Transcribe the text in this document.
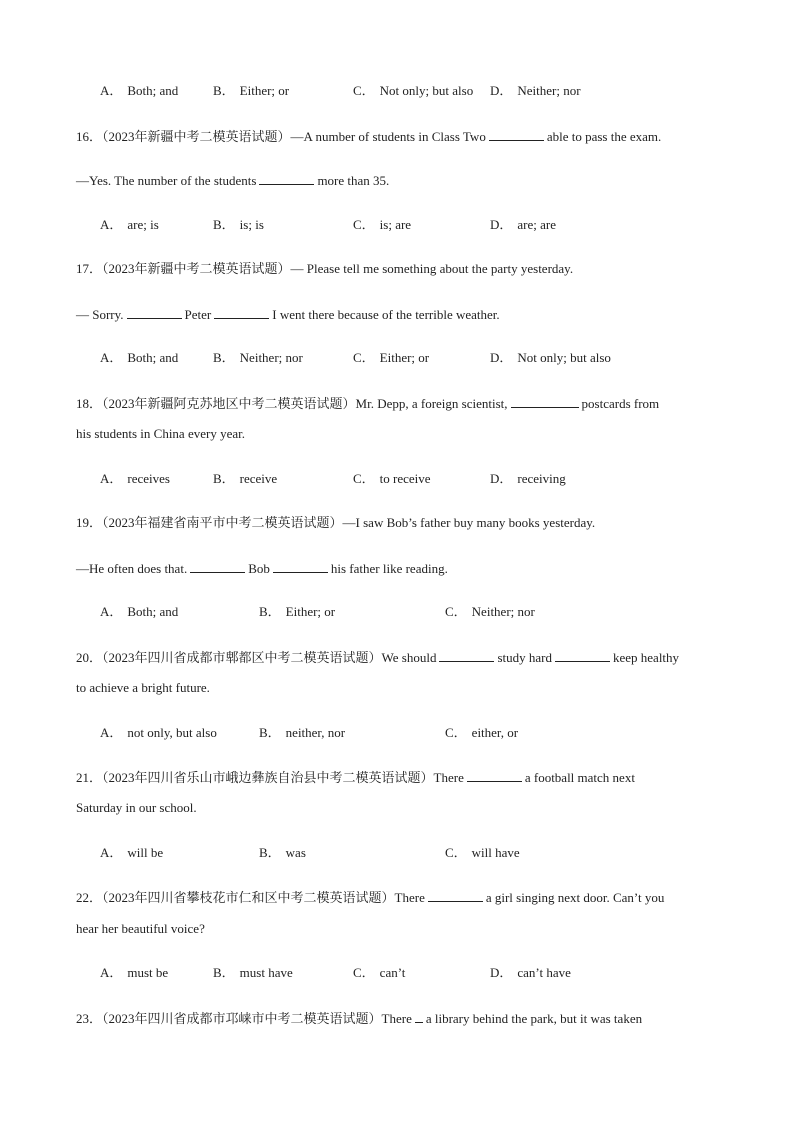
A． Both; and	B． Either; or	C． Not only; but also D． Neither; nor
16．（2023年新疆中考二模英语试题）—A number of students in Class Two	able to pass the exam.
—Yes. The number of the students	more than 35.
A． are; is	B． is; is	C． is; are	D． are; are
17．（2023年新疆中考二模英语试题）— Please tell me something about the party yesterday.
— Sorry.	Peter	I went there because of the terrible weather.
A． Both; and	B． Neither; nor	C． Either; or	D． Not only; but also
18．（2023年新疆阿克苏地区中考二模英语试题）Mr. Depp, a foreign scientist,	postcards from
his students in China every year.
A． receives	B． receive	C． to receive	D． receiving
19．（2023年福建省南平市中考二模英语试题）—I saw Bob’s father buy many books yesterday.
—He often does that.	Bob	his father like reading.
A． Both; and	B． Either; or	C． Neither; nor
20．（2023年四川省成都市郫都区中考二模英语试题）We should	study hard	keep healthy
to achieve a bright future.
A． not only, but also	B． neither, nor	C． either, or
21．（2023年四川省乐山市峨边彝族自治县中考二模英语试题）There	a football match next
Saturday in our school.
A． will be	B． was	C． will have
22．（2023年四川省攀枝花市仁和区中考二模英语试题）There	a girl singing next door. Can’t you
hear her beautiful voice?
A． must be	B． must have	C． can’t	D． can’t have
23．（2023年四川省成都市邛崃市中考二模英语试题）There a library behind the park, but it was taken
